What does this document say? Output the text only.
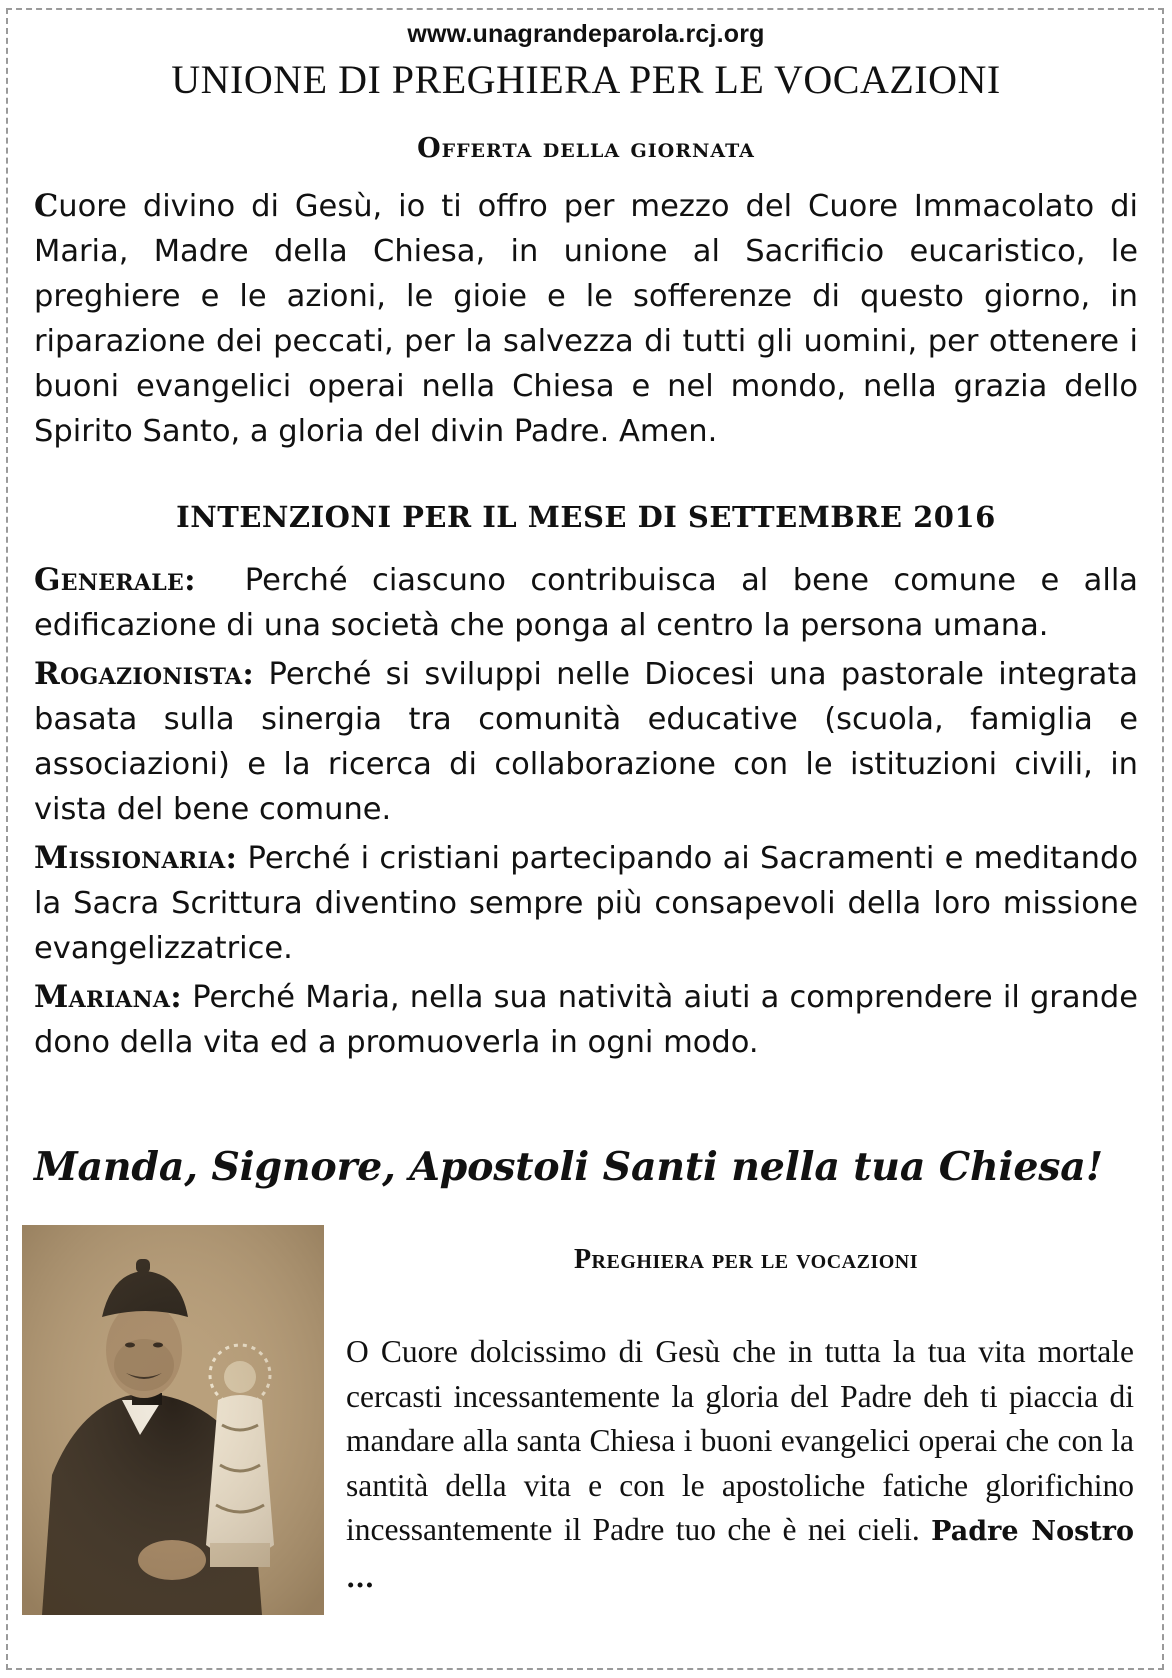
www.unagrandeparola.rcj.org
UNIONE DI PREGHIERA PER LE VOCAZIONI
Offerta della giornata

Cuore divino di Gesù, io ti offro per mezzo del Cuore Immacolato di Maria, Madre della Chiesa, in unione al Sacrificio eucaristico, le preghiere e le azioni, le gioie e le sofferenze di questo giorno, in riparazione dei peccati, per la salvezza di tutti gli uomini, per ottenere i buoni evangelici operai nella Chiesa e nel mondo, nella grazia dello Spirito Santo, a gloria del divin Padre. Amen.

INTENZIONI PER IL MESE DI SETTEMBRE 2016

Generale: Perché ciascuno contribuisca al bene comune e alla edificazione di una società che ponga al centro la persona umana.

Rogazionista: Perché si sviluppi nelle Diocesi una pastorale integrata basata sulla sinergia tra comunità educative (scuola, famiglia e associazioni) e la ricerca di collaborazione con le istituzioni civili, in vista del bene comune.

Missionaria: Perché i cristiani partecipando ai Sacramenti e meditando la Sacra Scrittura diventino sempre più consapevoli della loro missione evangelizzatrice.

Mariana: Perché Maria, nella sua natività aiuti a comprendere il grande dono della vita ed a promuoverla in ogni modo.

Manda, Signore, Apostoli Santi nella tua Chiesa!
Preghiera per le vocazioni

O Cuore dolcissimo di Gesù che in tutta la tua vita mortale cercasti incessantemente la gloria del Padre deh ti piaccia di mandare alla santa Chiesa i buoni evangelici operai che con la santità della vita e con le apostoliche fatiche glorifichino incessantemente il Padre tuo che è nei cieli. Padre Nostro ...
